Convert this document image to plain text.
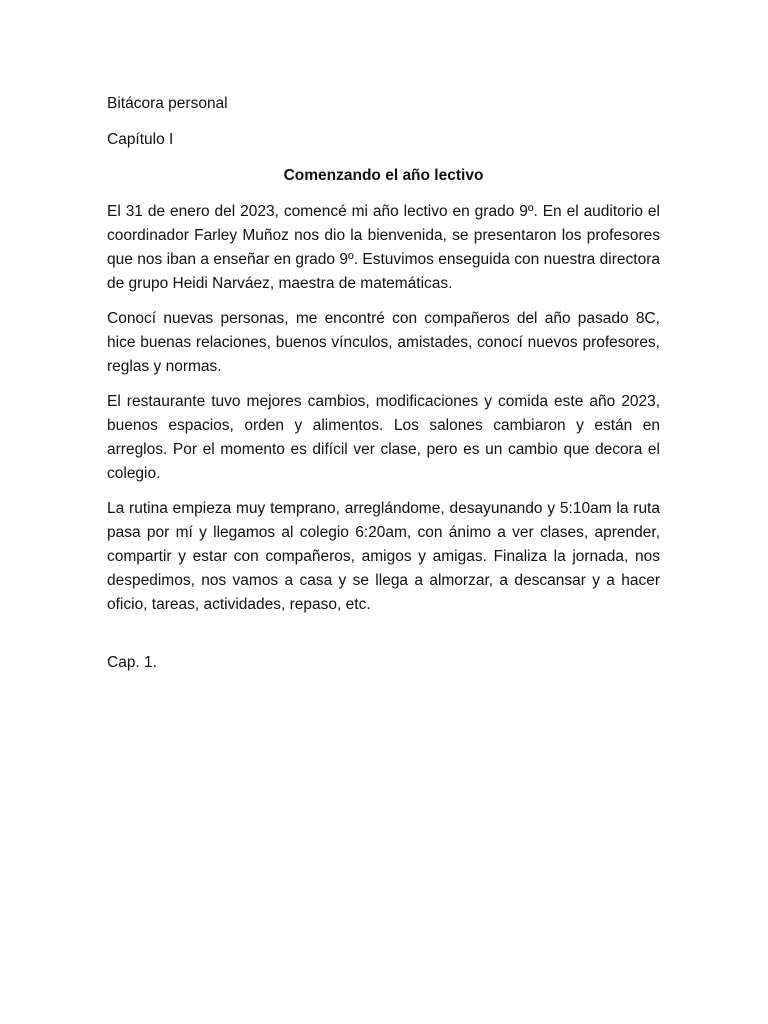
Bitácora personal
Capítulo I
Comenzando el año lectivo

El 31 de enero del 2023, comencé mi año lectivo en grado 9º. En el auditorio el coordinador Farley Muñoz nos dio la bienvenida, se presentaron los profesores que nos iban a enseñar en grado 9º. Estuvimos enseguida con nuestra directora de grupo Heidi Narváez, maestra de matemáticas.

Conocí nuevas personas, me encontré con compañeros del año pasado 8C, hice buenas relaciones, buenos vínculos, amistades, conocí nuevos profesores, reglas y normas.

El restaurante tuvo mejores cambios, modificaciones y comida este año 2023, buenos espacios, orden y alimentos. Los salones cambiaron y están en arreglos. Por el momento es difícil ver clase, pero es un cambio que decora el colegio.

La rutina empieza muy temprano, arreglándome, desayunando y 5:10am la ruta pasa por mí y llegamos al colegio 6:20am, con ánimo a ver clases, aprender, compartir y estar con compañeros, amigos y amigas. Finaliza la jornada, nos despedimos, nos vamos a casa y se llega a almorzar, a descansar y a hacer oficio, tareas, actividades, repaso, etc.

Cap. 1.
